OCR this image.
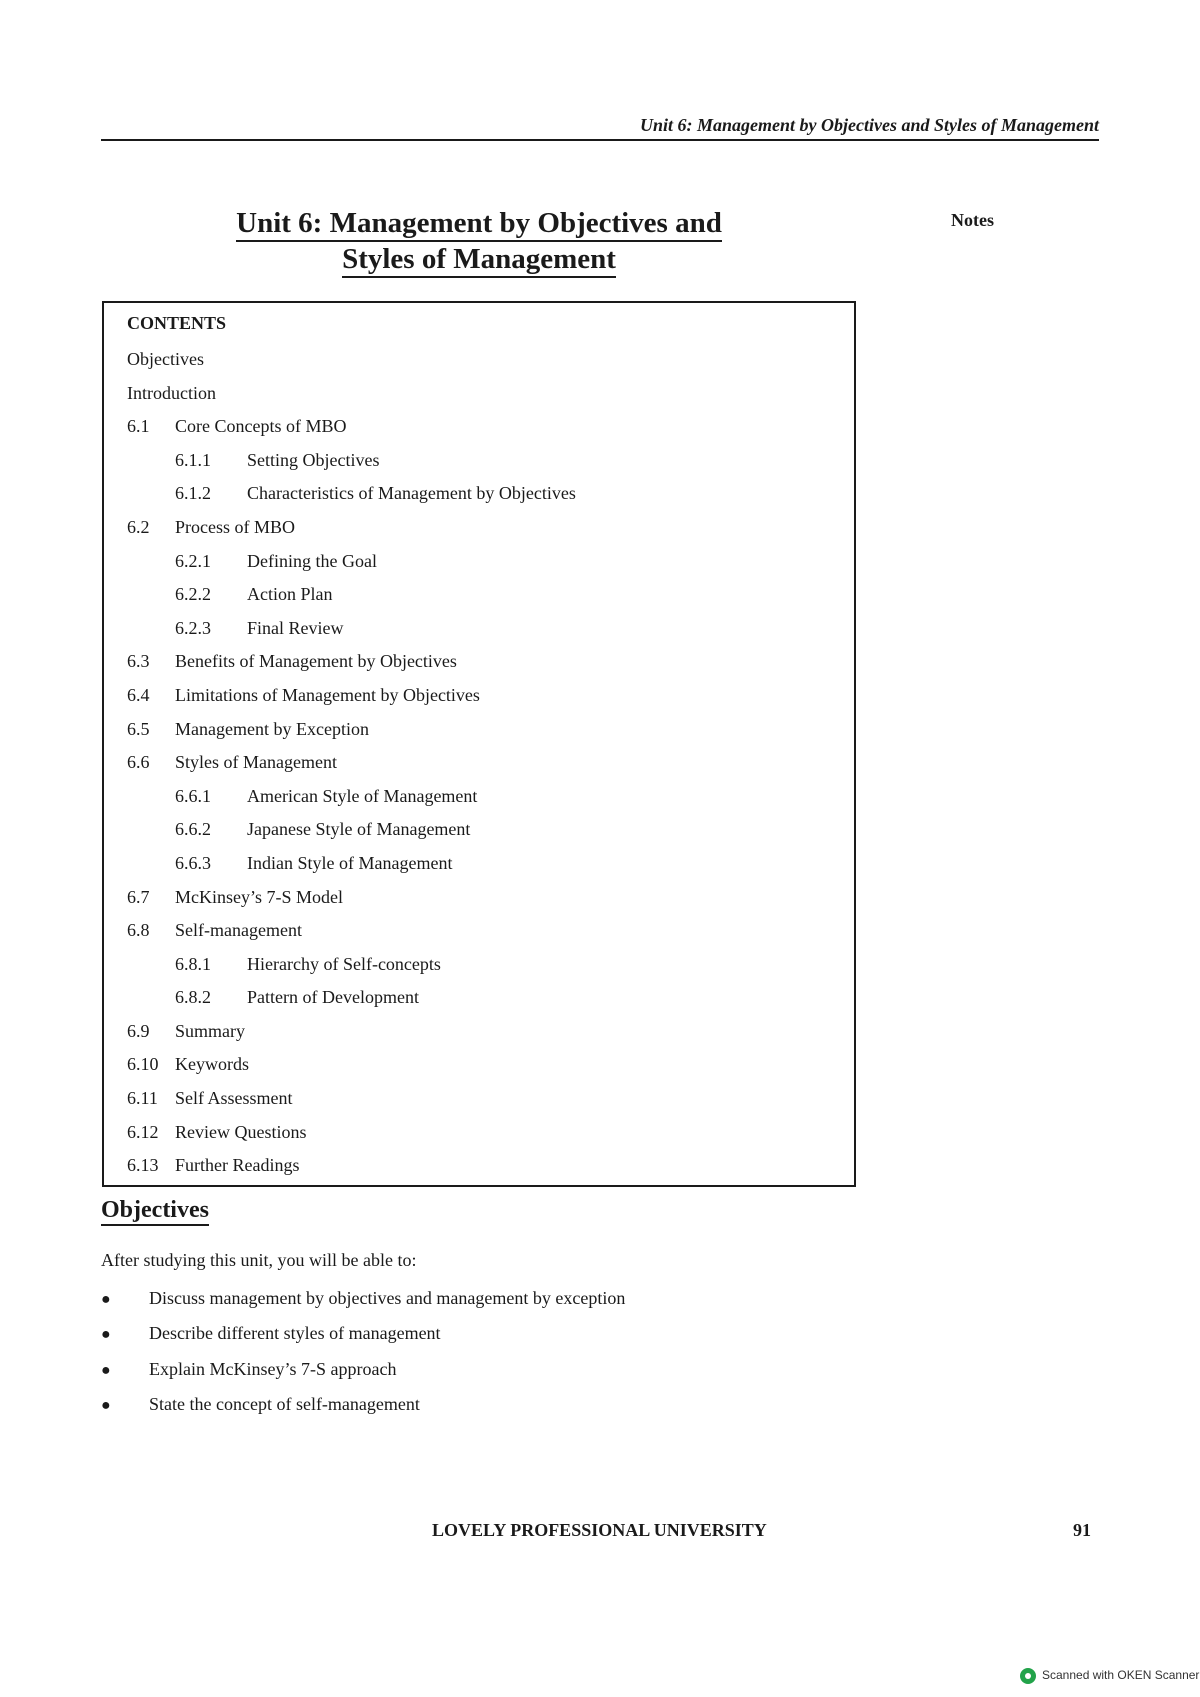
Unit 6: Management by Objectives and Styles of Management
Notes
Unit 6: Management by Objectives and
Styles of Management
CONTENTS
Objectives
Introduction
6.1 Core Concepts of MBO
6.1.1 Setting Objectives
6.1.2 Characteristics of Management by Objectives
6.2 Process of MBO
6.2.1 Defining the Goal
6.2.2 Action Plan
6.2.3 Final Review
6.3 Benefits of Management by Objectives
6.4 Limitations of Management by Objectives
6.5 Management by Exception
6.6 Styles of Management
6.6.1 American Style of Management
6.6.2 Japanese Style of Management
6.6.3 Indian Style of Management
6.7 McKinsey’s 7-S Model
6.8 Self-management
6.8.1 Hierarchy of Self-concepts
6.8.2 Pattern of Development
6.9 Summary
6.10 Keywords
6.11 Self Assessment
6.12 Review Questions
6.13 Further Readings
Objectives
After studying this unit, you will be able to:
● Discuss management by objectives and management by exception
● Describe different styles of management
● Explain McKinsey’s 7-S approach
● State the concept of self-management
LOVELY PROFESSIONAL UNIVERSITY	91
Scanned with OKEN Scanner
